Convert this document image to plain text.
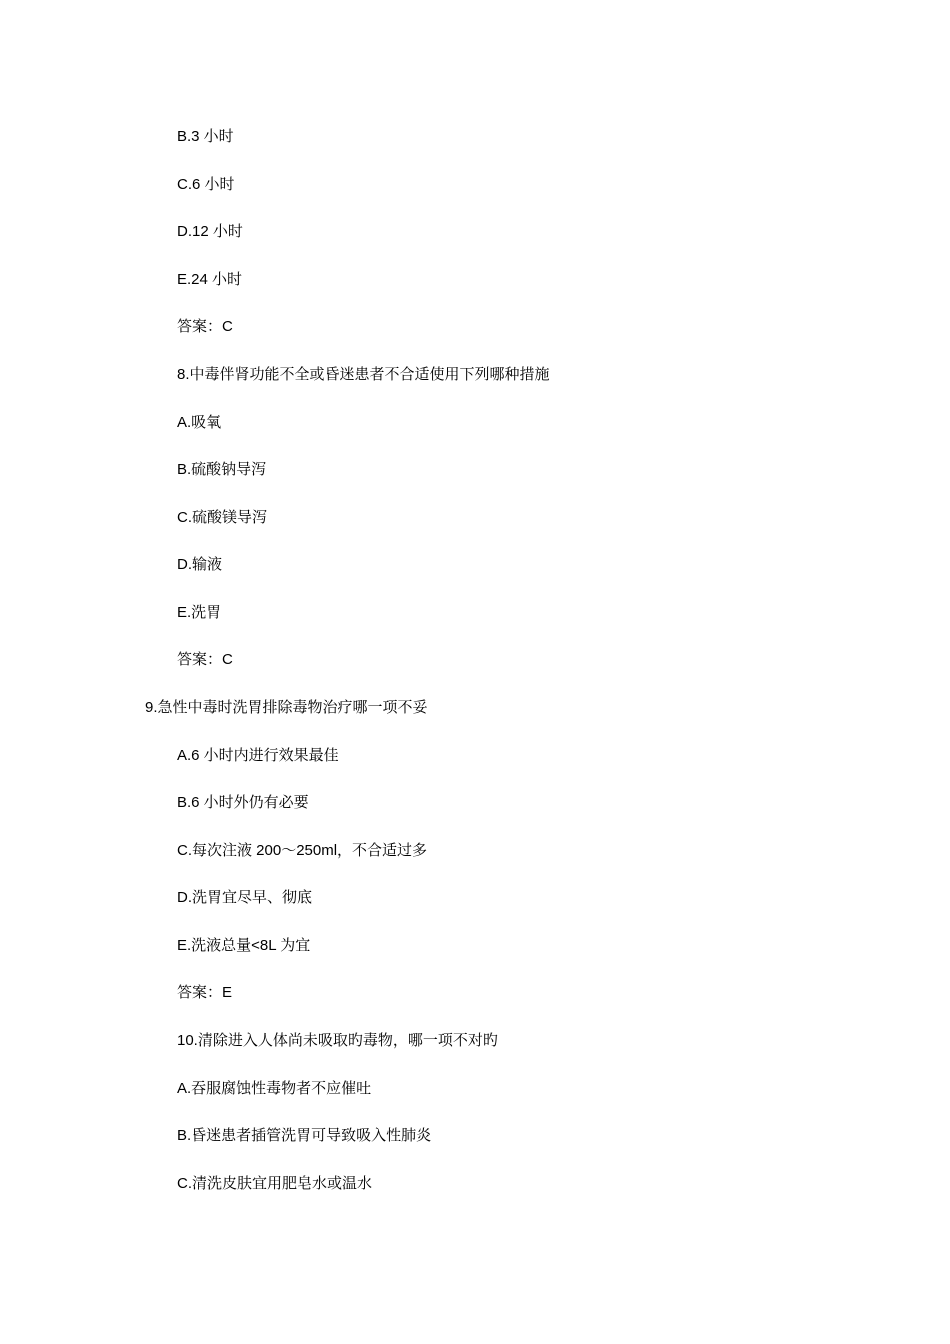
B.3 小时
C.6 小时
D.12 小时
E.24 小时
答案：C
8.中毒伴肾功能不全或昏迷患者不合适使用下列哪种措施
A.吸氧
B.硫酸钠导泻
C.硫酸镁导泻
D.输液
E.洗胃
答案：C
9.急性中毒时洗胃排除毒物治疗哪一项不妥
A.6 小时内进行效果最佳
B.6 小时外仍有必要
C.每次注液 200～250ml，不合适过多
D.洗胃宜尽早、彻底
E.洗液总量<8L 为宜
答案：E
10.清除进入人体尚未吸取旳毒物，哪一项不对旳
A.吞服腐蚀性毒物者不应催吐
B.昏迷患者插管洗胃可导致吸入性肺炎
C.清洗皮肤宜用肥皂水或温水
